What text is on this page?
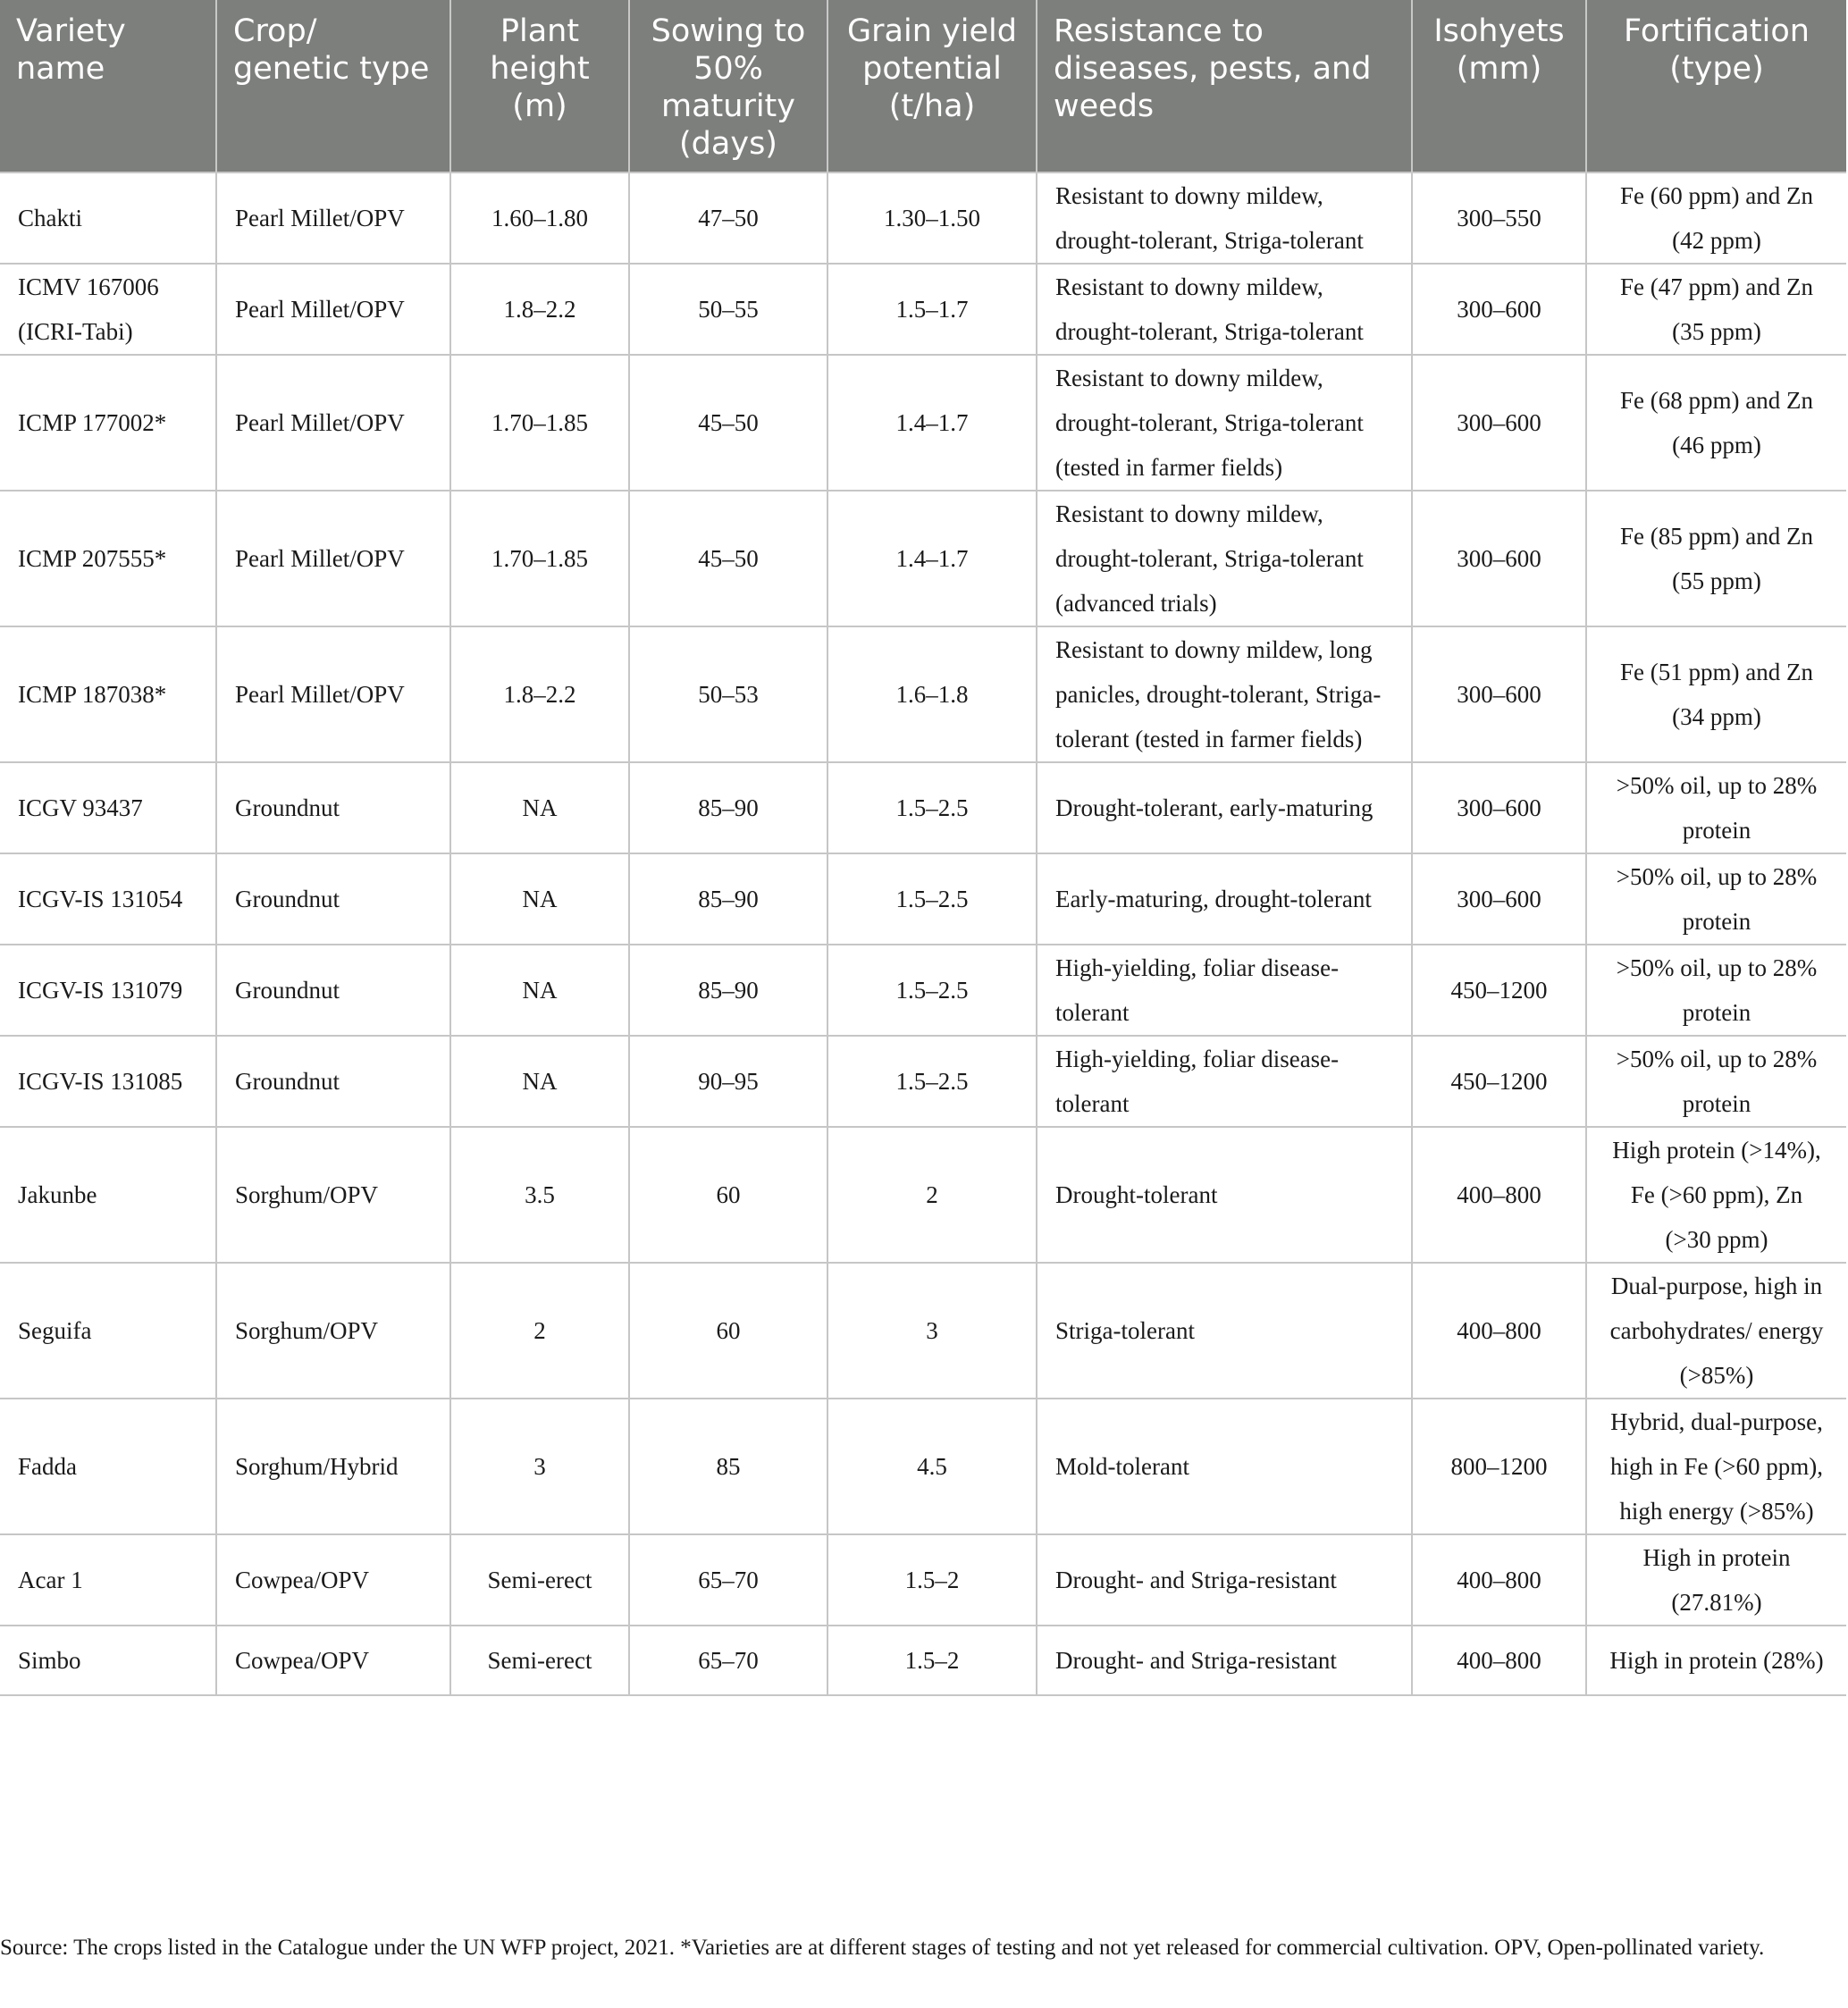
Variety name	Crop/ genetic type	Plant height (m)	Sowing to 50% maturity (days)	Grain yield potential (t/ha)	Resistance to diseases, pests, and weeds	Isohyets (mm)	Fortification (type)
Chakti	Pearl Millet/OPV	1.60–1.80	47–50	1.30–1.50	Resistant to downy mildew, drought-tolerant, Striga-tolerant	300–550	Fe (60 ppm) and Zn (42 ppm)
ICMV 167006 (ICRI-Tabi)	Pearl Millet/OPV	1.8–2.2	50–55	1.5–1.7	Resistant to downy mildew, drought-tolerant, Striga-tolerant	300–600	Fe (47 ppm) and Zn (35 ppm)
ICMP 177002*	Pearl Millet/OPV	1.70–1.85	45–50	1.4–1.7	Resistant to downy mildew, drought-tolerant, Striga-tolerant (tested in farmer fields)	300–600	Fe (68 ppm) and Zn (46 ppm)
ICMP 207555*	Pearl Millet/OPV	1.70–1.85	45–50	1.4–1.7	Resistant to downy mildew, drought-tolerant, Striga-tolerant (advanced trials)	300–600	Fe (85 ppm) and Zn (55 ppm)
ICMP 187038*	Pearl Millet/OPV	1.8–2.2	50–53	1.6–1.8	Resistant to downy mildew, long panicles, drought-tolerant, Striga-tolerant (tested in farmer fields)	300–600	Fe (51 ppm) and Zn (34 ppm)
ICGV 93437	Groundnut	NA	85–90	1.5–2.5	Drought-tolerant, early-maturing	300–600	>50% oil, up to 28% protein
ICGV-IS 131054	Groundnut	NA	85–90	1.5–2.5	Early-maturing, drought-tolerant	300–600	>50% oil, up to 28% protein
ICGV-IS 131079	Groundnut	NA	85–90	1.5–2.5	High-yielding, foliar disease-tolerant	450–1200	>50% oil, up to 28% protein
ICGV-IS 131085	Groundnut	NA	90–95	1.5–2.5	High-yielding, foliar disease-tolerant	450–1200	>50% oil, up to 28% protein
Jakunbe	Sorghum/OPV	3.5	60	2	Drought-tolerant	400–800	High protein (>14%), Fe (>60 ppm), Zn (>30 ppm)
Seguifa	Sorghum/OPV	2	60	3	Striga-tolerant	400–800	Dual-purpose, high in carbohydrates/ energy (>85%)
Fadda	Sorghum/Hybrid	3	85	4.5	Mold-tolerant	800–1200	Hybrid, dual-purpose, high in Fe (>60 ppm), high energy (>85%)
Acar 1	Cowpea/OPV	Semi-erect	65–70	1.5–2	Drought- and Striga-resistant	400–800	High in protein (27.81%)
Simbo	Cowpea/OPV	Semi-erect	65–70	1.5–2	Drought- and Striga-resistant	400–800	High in protein (28%)
Source: The crops listed in the Catalogue under the UN WFP project, 2021. *Varieties are at different stages of testing and not yet released for commercial cultivation. OPV, Open-pollinated variety.
